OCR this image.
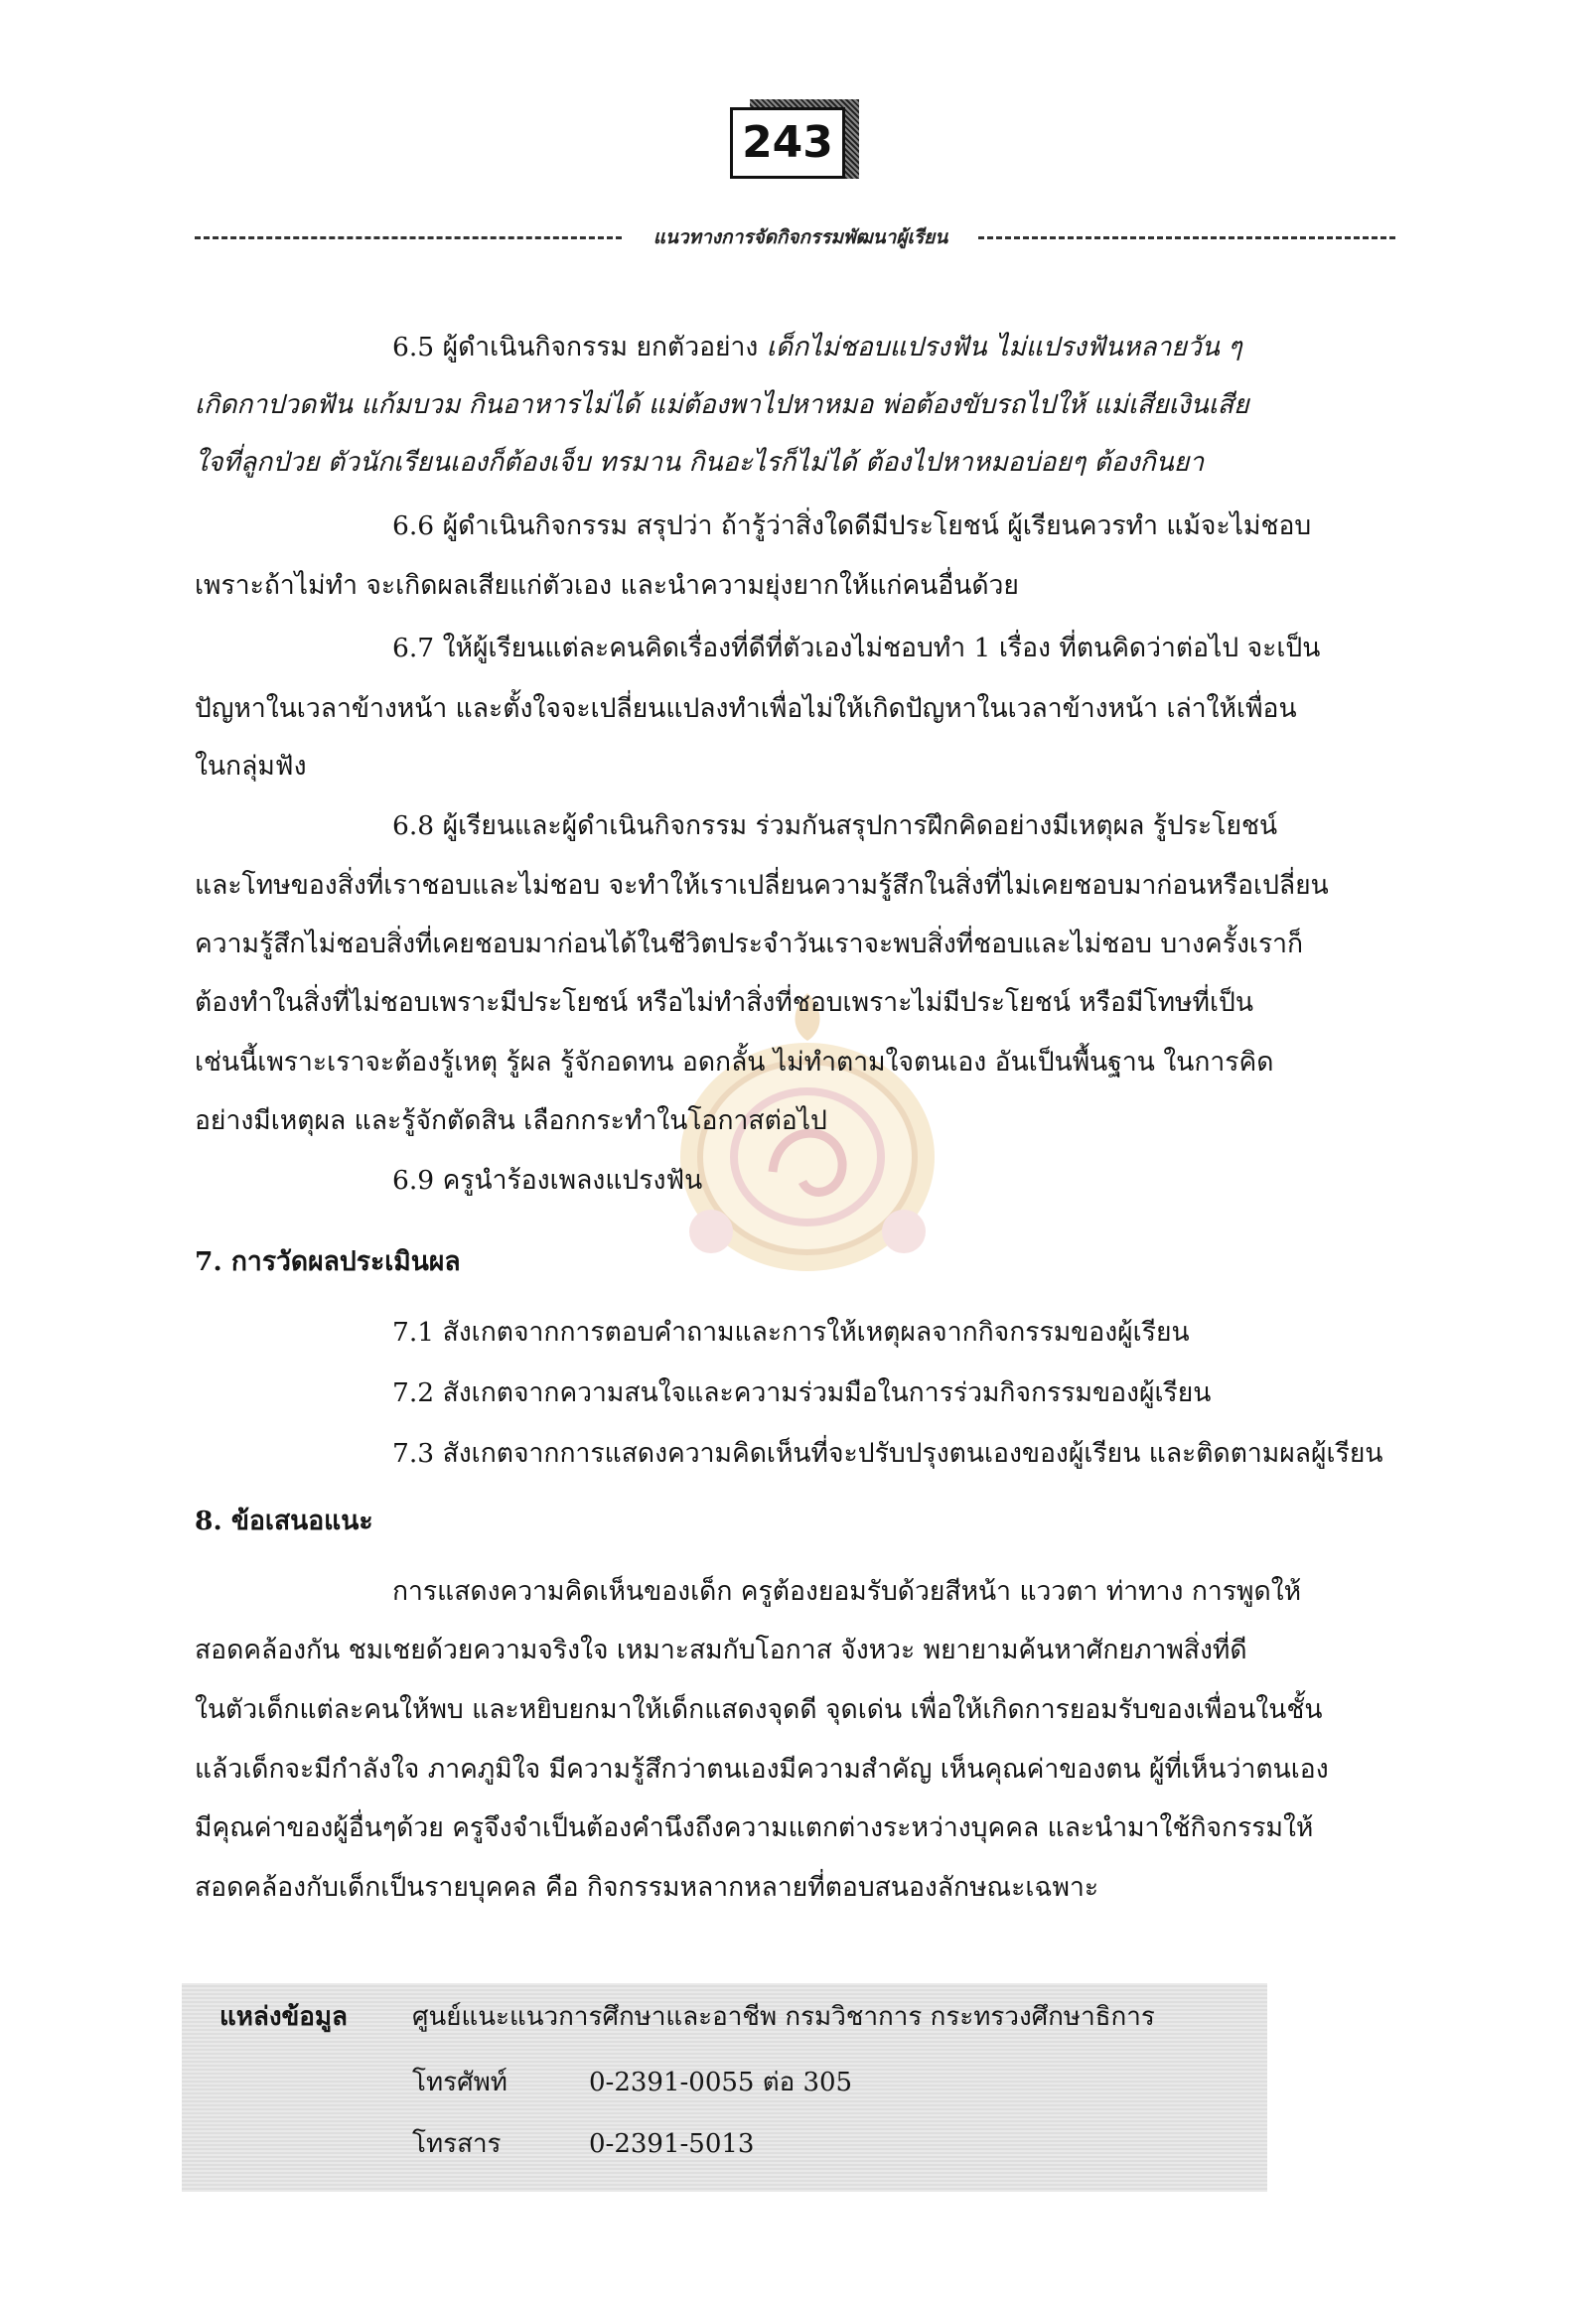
243
แนวทางการจัดกิจกรรมพัฒนาผู้เรียน
6.5 ผู้ดำเนินกิจกรรม ยกตัวอย่าง เด็กไม่ชอบแปรงฟัน ไม่แปรงฟันหลายวัน ๆ
เกิดกาปวดฟัน แก้มบวม กินอาหารไม่ได้ แม่ต้องพาไปหาหมอ พ่อต้องขับรถไปให้ แม่เสียเงินเสีย
ใจที่ลูกป่วย ตัวนักเรียนเองก็ต้องเจ็บ ทรมาน กินอะไรก็ไม่ได้ ต้องไปหาหมอบ่อยๆ ต้องกินยา
6.6 ผู้ดำเนินกิจกรรม สรุปว่า ถ้ารู้ว่าสิ่งใดดีมีประโยชน์ ผู้เรียนควรทำ แม้จะไม่ชอบ
เพราะถ้าไม่ทำ จะเกิดผลเสียแก่ตัวเอง และนำความยุ่งยากให้แก่คนอื่นด้วย
6.7 ให้ผู้เรียนแต่ละคนคิดเรื่องที่ดีที่ตัวเองไม่ชอบทำ 1 เรื่อง ที่ตนคิดว่าต่อไป จะเป็น
ปัญหาในเวลาข้างหน้า และตั้งใจจะเปลี่ยนแปลงทำเพื่อไม่ให้เกิดปัญหาในเวลาข้างหน้า เล่าให้เพื่อน
ในกลุ่มฟัง
6.8 ผู้เรียนและผู้ดำเนินกิจกรรม ร่วมกันสรุปการฝึกคิดอย่างมีเหตุผล รู้ประโยชน์
และโทษของสิ่งที่เราชอบและไม่ชอบ จะทำให้เราเปลี่ยนความรู้สึกในสิ่งที่ไม่เคยชอบมาก่อนหรือเปลี่ยน
ความรู้สึกไม่ชอบสิ่งที่เคยชอบมาก่อนได้ในชีวิตประจำวันเราจะพบสิ่งที่ชอบและไม่ชอบ บางครั้งเราก็
ต้องทำในสิ่งที่ไม่ชอบเพราะมีประโยชน์ หรือไม่ทำสิ่งที่ชอบเพราะไม่มีประโยชน์ หรือมีโทษที่เป็น
เช่นนี้เพราะเราจะต้องรู้เหตุ รู้ผล รู้จักอดทน อดกลั้น ไม่ทำตามใจตนเอง อันเป็นพื้นฐาน ในการคิด
อย่างมีเหตุผล และรู้จักตัดสิน เลือกกระทำในโอกาสต่อไป
6.9 ครูนำร้องเพลงแปรงฟัน
7. การวัดผลประเมินผล
7.1 สังเกตจากการตอบคำถามและการให้เหตุผลจากกิจกรรมของผู้เรียน
7.2 สังเกตจากความสนใจและความร่วมมือในการร่วมกิจกรรมของผู้เรียน
7.3 สังเกตจากการแสดงความคิดเห็นที่จะปรับปรุงตนเองของผู้เรียน และติดตามผลผู้เรียน
8. ข้อเสนอแนะ
การแสดงความคิดเห็นของเด็ก ครูต้องยอมรับด้วยสีหน้า แววตา ท่าทาง การพูดให้
สอดคล้องกัน ชมเชยด้วยความจริงใจ เหมาะสมกับโอกาส จังหวะ พยายามค้นหาศักยภาพสิ่งที่ดี
ในตัวเด็กแต่ละคนให้พบ และหยิบยกมาให้เด็กแสดงจุดดี จุดเด่น เพื่อให้เกิดการยอมรับของเพื่อนในชั้น
แล้วเด็กจะมีกำลังใจ ภาคภูมิใจ มีความรู้สึกว่าตนเองมีความสำคัญ เห็นคุณค่าของตน ผู้ที่เห็นว่าตนเอง
มีคุณค่าของผู้อื่นๆด้วย ครูจึงจำเป็นต้องคำนึงถึงความแตกต่างระหว่างบุคคล และนำมาใช้กิจกรรมให้
สอดคล้องกับเด็กเป็นรายบุคคล คือ กิจกรรมหลากหลายที่ตอบสนองลักษณะเฉพาะ
แหล่งข้อมูล	ศูนย์แนะแนวการศึกษาและอาชีพ กรมวิชาการ กระทรวงศึกษาธิการ
โทรศัพท์	0-2391-0055 ต่อ 305
โทรสาร	0-2391-5013
